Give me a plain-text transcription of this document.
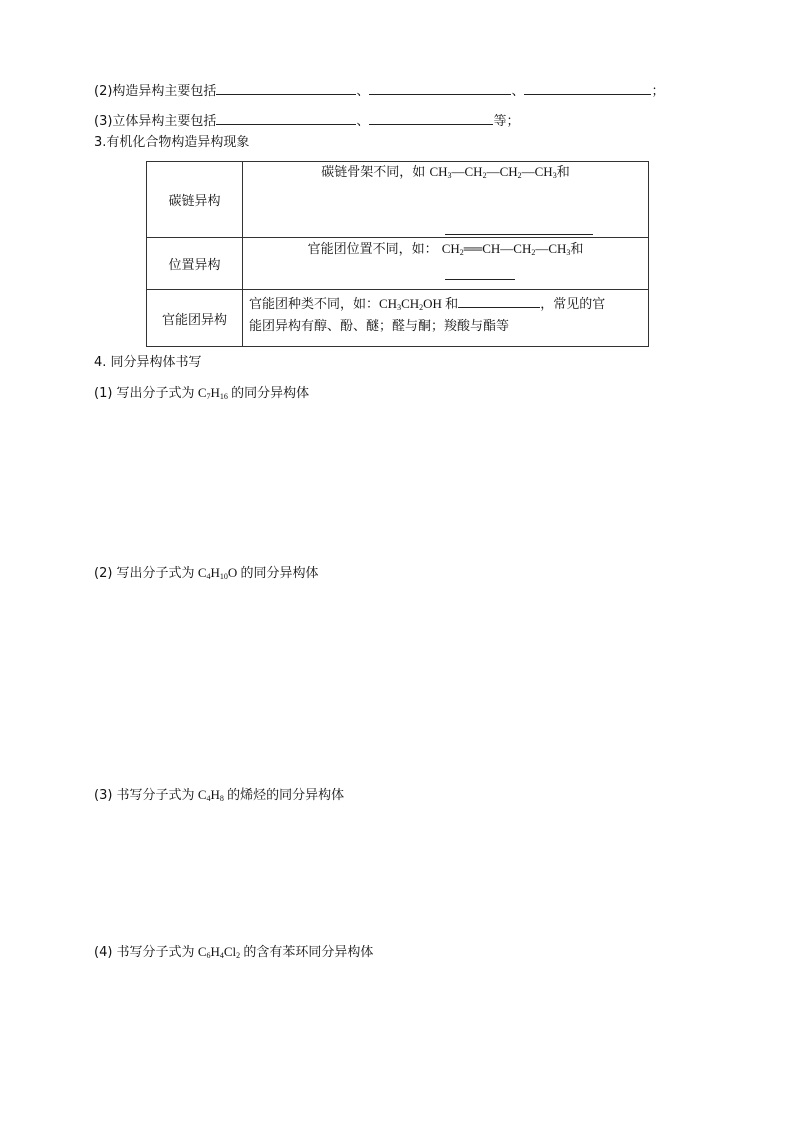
(2)构造异构主要包括	、	、	；
(3)立体异构主要包括	、	等；
3.有机化合物构造异构现象
碳链异构	碳链骨架不同，如 $CH_3—CH_2—CH_2—CH_3$和

位置异构	官能团位置不同，如： $CH_2══CH—CH_2—CH_3$和

官能团异构	官能团种类不同，如：$CH_3CH_2OH$ 和 ，常见的官
能团异构有醇、酚、醚；醛与酮；羧酸与酯等
4. 同分异构体书写
(1) 写出分子式为 $C_7H_{16}$ 的同分异构体
(2) 写出分子式为 $C_4H_{10}O$ 的同分异构体
(3) 书写分子式为 $C_4H_8$ 的烯烃的同分异构体
(4) 书写分子式为 $C_6H_4Cl_2$ 的含有苯环同分异构体
